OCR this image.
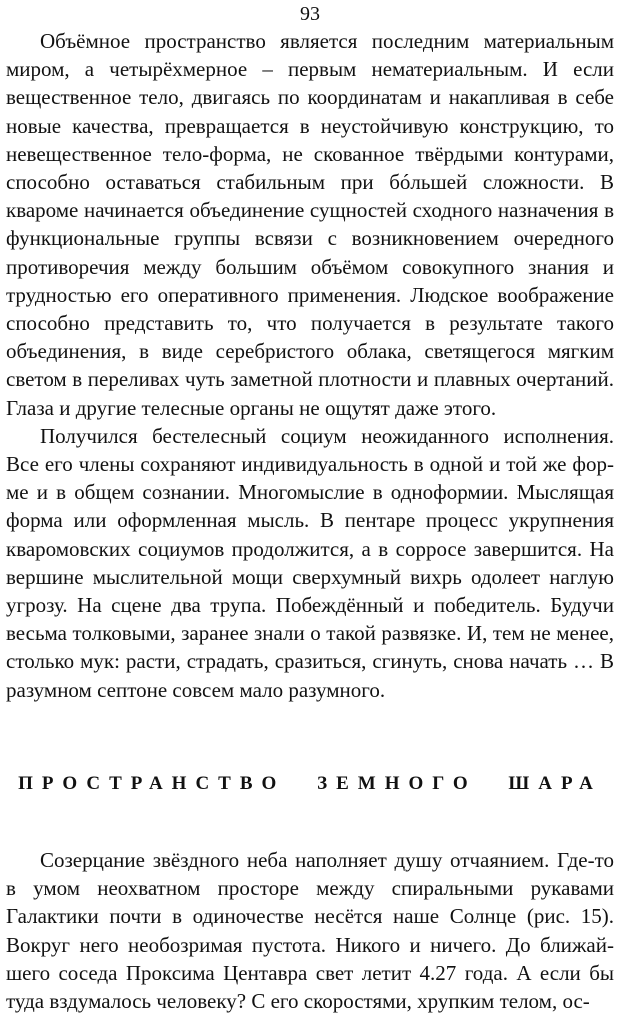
93

Объёмное пространство является последним материальным миром, а четырёхмерное – первым нематериальным. И если вещественное тело, двигаясь по координатам и накапливая в себе новые качества, превращается в неустойчивую конструкцию, то невещественное тело-форма, не скованное твёрдыми контурами, способно оставаться стабильным при бóльшей сложности. В квароме начинается объединение сущностей сходного назначения в функциональные группы всвязи с возникновением очередного противоречия между большим объёмом совокупного знания и трудностью его оперативного применения. Людское воображение способно представить то, что получается в результате такого объединения, в виде серебристого облака, светящегося мягким светом в переливах чуть заметной плотности и плавных очертаний. Глаза и другие телесные органы не ощутят даже этого.

Получился бестелесный социум неожиданного исполнения. Все его члены сохраняют индивидуальность в одной и той же форме и в общем сознании. Многомыслие в одноформии. Мыслящая форма или оформленная мысль. В пентаре процесс укрупнения кваромовских социумов продолжится, а в сорросе завершится. На вершине мыслительной мощи сверхумный вихрь одолеет наглую угрозу. На сцене два трупа. Побеждённый и победитель. Будучи весьма толковыми, заранее знали о такой развязке. И, тем не менее, столько мук: расти, страдать, сразиться, сгинуть, снова начать … В разумном септоне совсем мало разумного.

ПРОСТРАНСТВО ЗЕМНОГО ШАРА

Созерцание звёздного неба наполняет душу отчаянием. Где-то в умом неохватном просторе между спиральными рукавами Галактики почти в одиночестве несётся наше Солнце (рис. 15). Вокруг него необозримая пустота. Никого и ничего. До ближайшего соседа Проксима Центавра свет летит 4.27 года. А если бы туда вздумалось человеку? С его скоростями, хрупким телом, ос-
